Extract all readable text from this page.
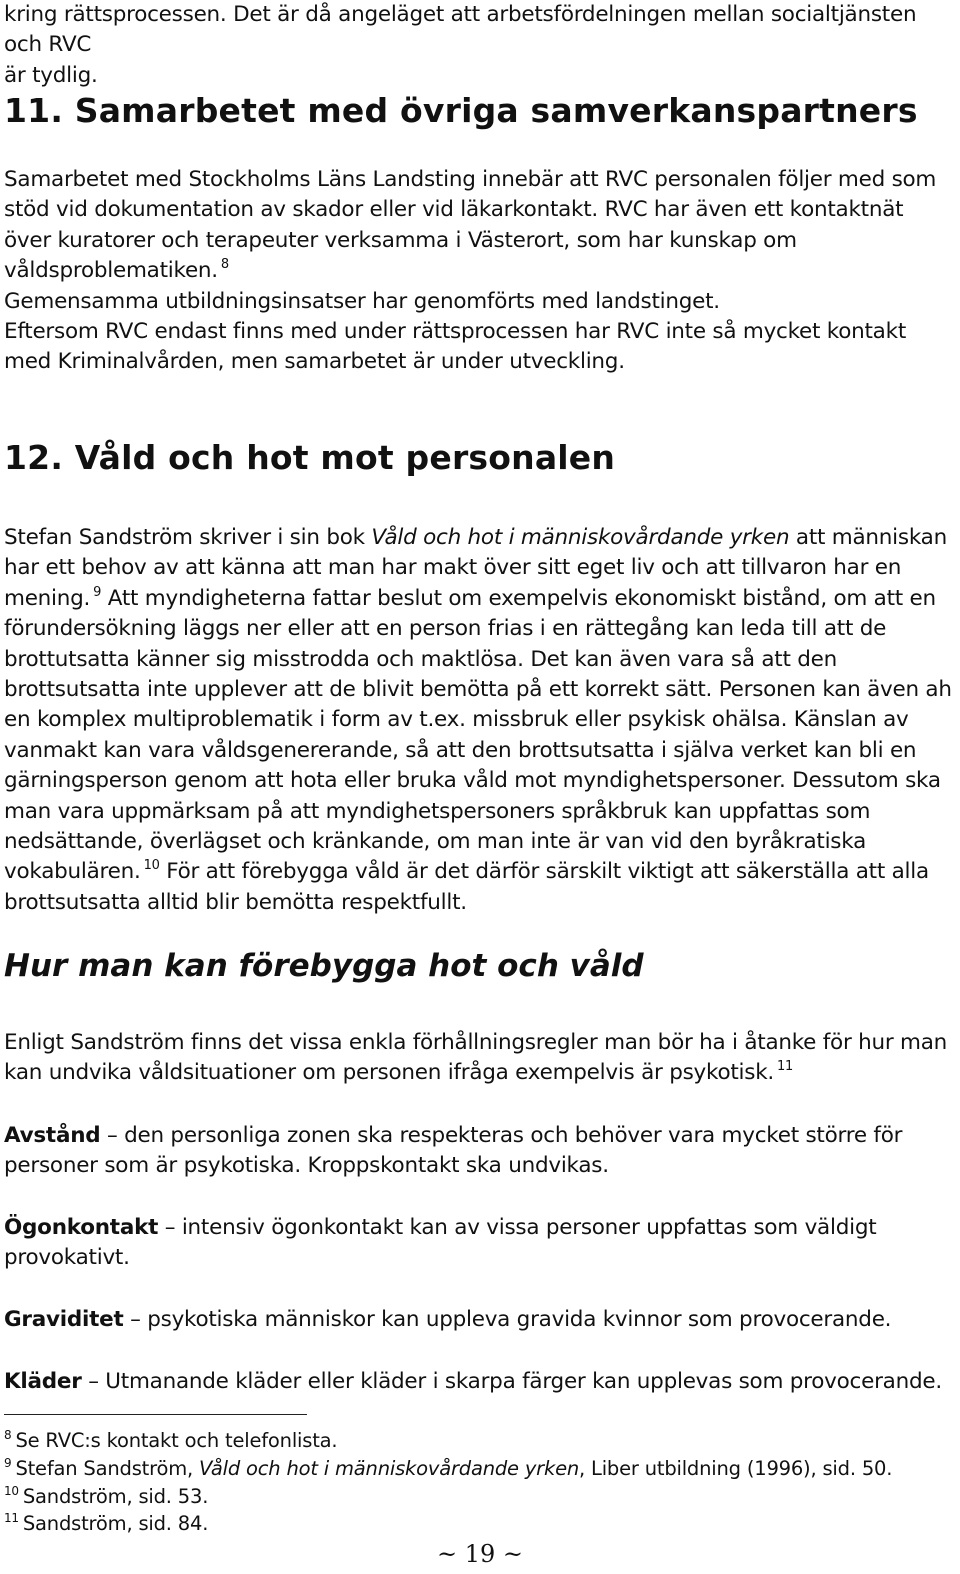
kring rättsprocessen. Det är då angeläget att arbetsfördelningen mellan socialtjänsten och RVC
är tydlig.

11. Samarbetet med övriga samverkanspartners

Samarbetet med Stockholms Läns Landsting innebär att RVC personalen följer med som stöd vid dokumentation av skador eller vid läkarkontakt. RVC har även ett kontaktnät över kuratorer och terapeuter verksamma i Västerort, som har kunskap om våldsproblematiken. $^8$
Gemensamma utbildningsinsatser har genomförts med landstinget.

Eftersom RVC endast finns med under rättsprocessen har RVC inte så mycket kontakt med Kriminalvården, men samarbetet är under utveckling.

12. Våld och hot mot personalen

Stefan Sandström skriver i sin bok Våld och hot i människovårdande yrken att människan har ett behov av att känna att man har makt över sitt eget liv och att tillvaron har en mening. $^9$ Att myndigheterna fattar beslut om exempelvis ekonomiskt bistånd, om att en förundersökning läggs ner eller att en person frias i en rättegång kan leda till att de brottutsatta känner sig misstrodda och maktlösa. Det kan även vara så att den brottsutsatta inte upplever att de blivit bemötta på ett korrekt sätt. Personen kan även ah en komplex multiproblematik i form av t.ex. missbruk eller psykisk ohälsa. Känslan av vanmakt kan vara våldsgenererande, så att den brottsutsatta i själva verket kan bli en gärningsperson genom att hota eller bruka våld mot myndighetspersoner. Dessutom ska man vara uppmärksam på att myndighetspersoners språkbruk kan uppfattas som nedsättande, överlägset och kränkande, om man inte är van vid den byråkratiska vokabulären. $^{10}$ För att förebygga våld är det därför särskilt viktigt att säkerställa att alla brottsutsatta alltid blir bemötta respektfullt.

Hur man kan förebygga hot och våld

Enligt Sandström finns det vissa enkla förhållningsregler man bör ha i åtanke för hur man kan undvika våldsituationer om personen ifråga exempelvis är psykotisk. $^{11}$

Avstånd – den personliga zonen ska respekteras och behöver vara mycket större för personer som är psykotiska. Kroppskontakt ska undvikas.

Ögonkontakt – intensiv ögonkontakt kan av vissa personer uppfattas som väldigt provokativt.

Graviditet – psykotiska människor kan uppleva gravida kvinnor som provocerande.

Kläder – Utmanande kläder eller kläder i skarpa färger kan upplevas som provocerande.

$^8$ Se RVC:s kontakt och telefonlista.
$^9$ Stefan Sandström, Våld och hot i människovårdande yrken, Liber utbildning (1996), sid. 50.
$^{10}$ Sandström, sid. 53.
$^{11}$ Sandström, sid. 84.
~ 19 ~
